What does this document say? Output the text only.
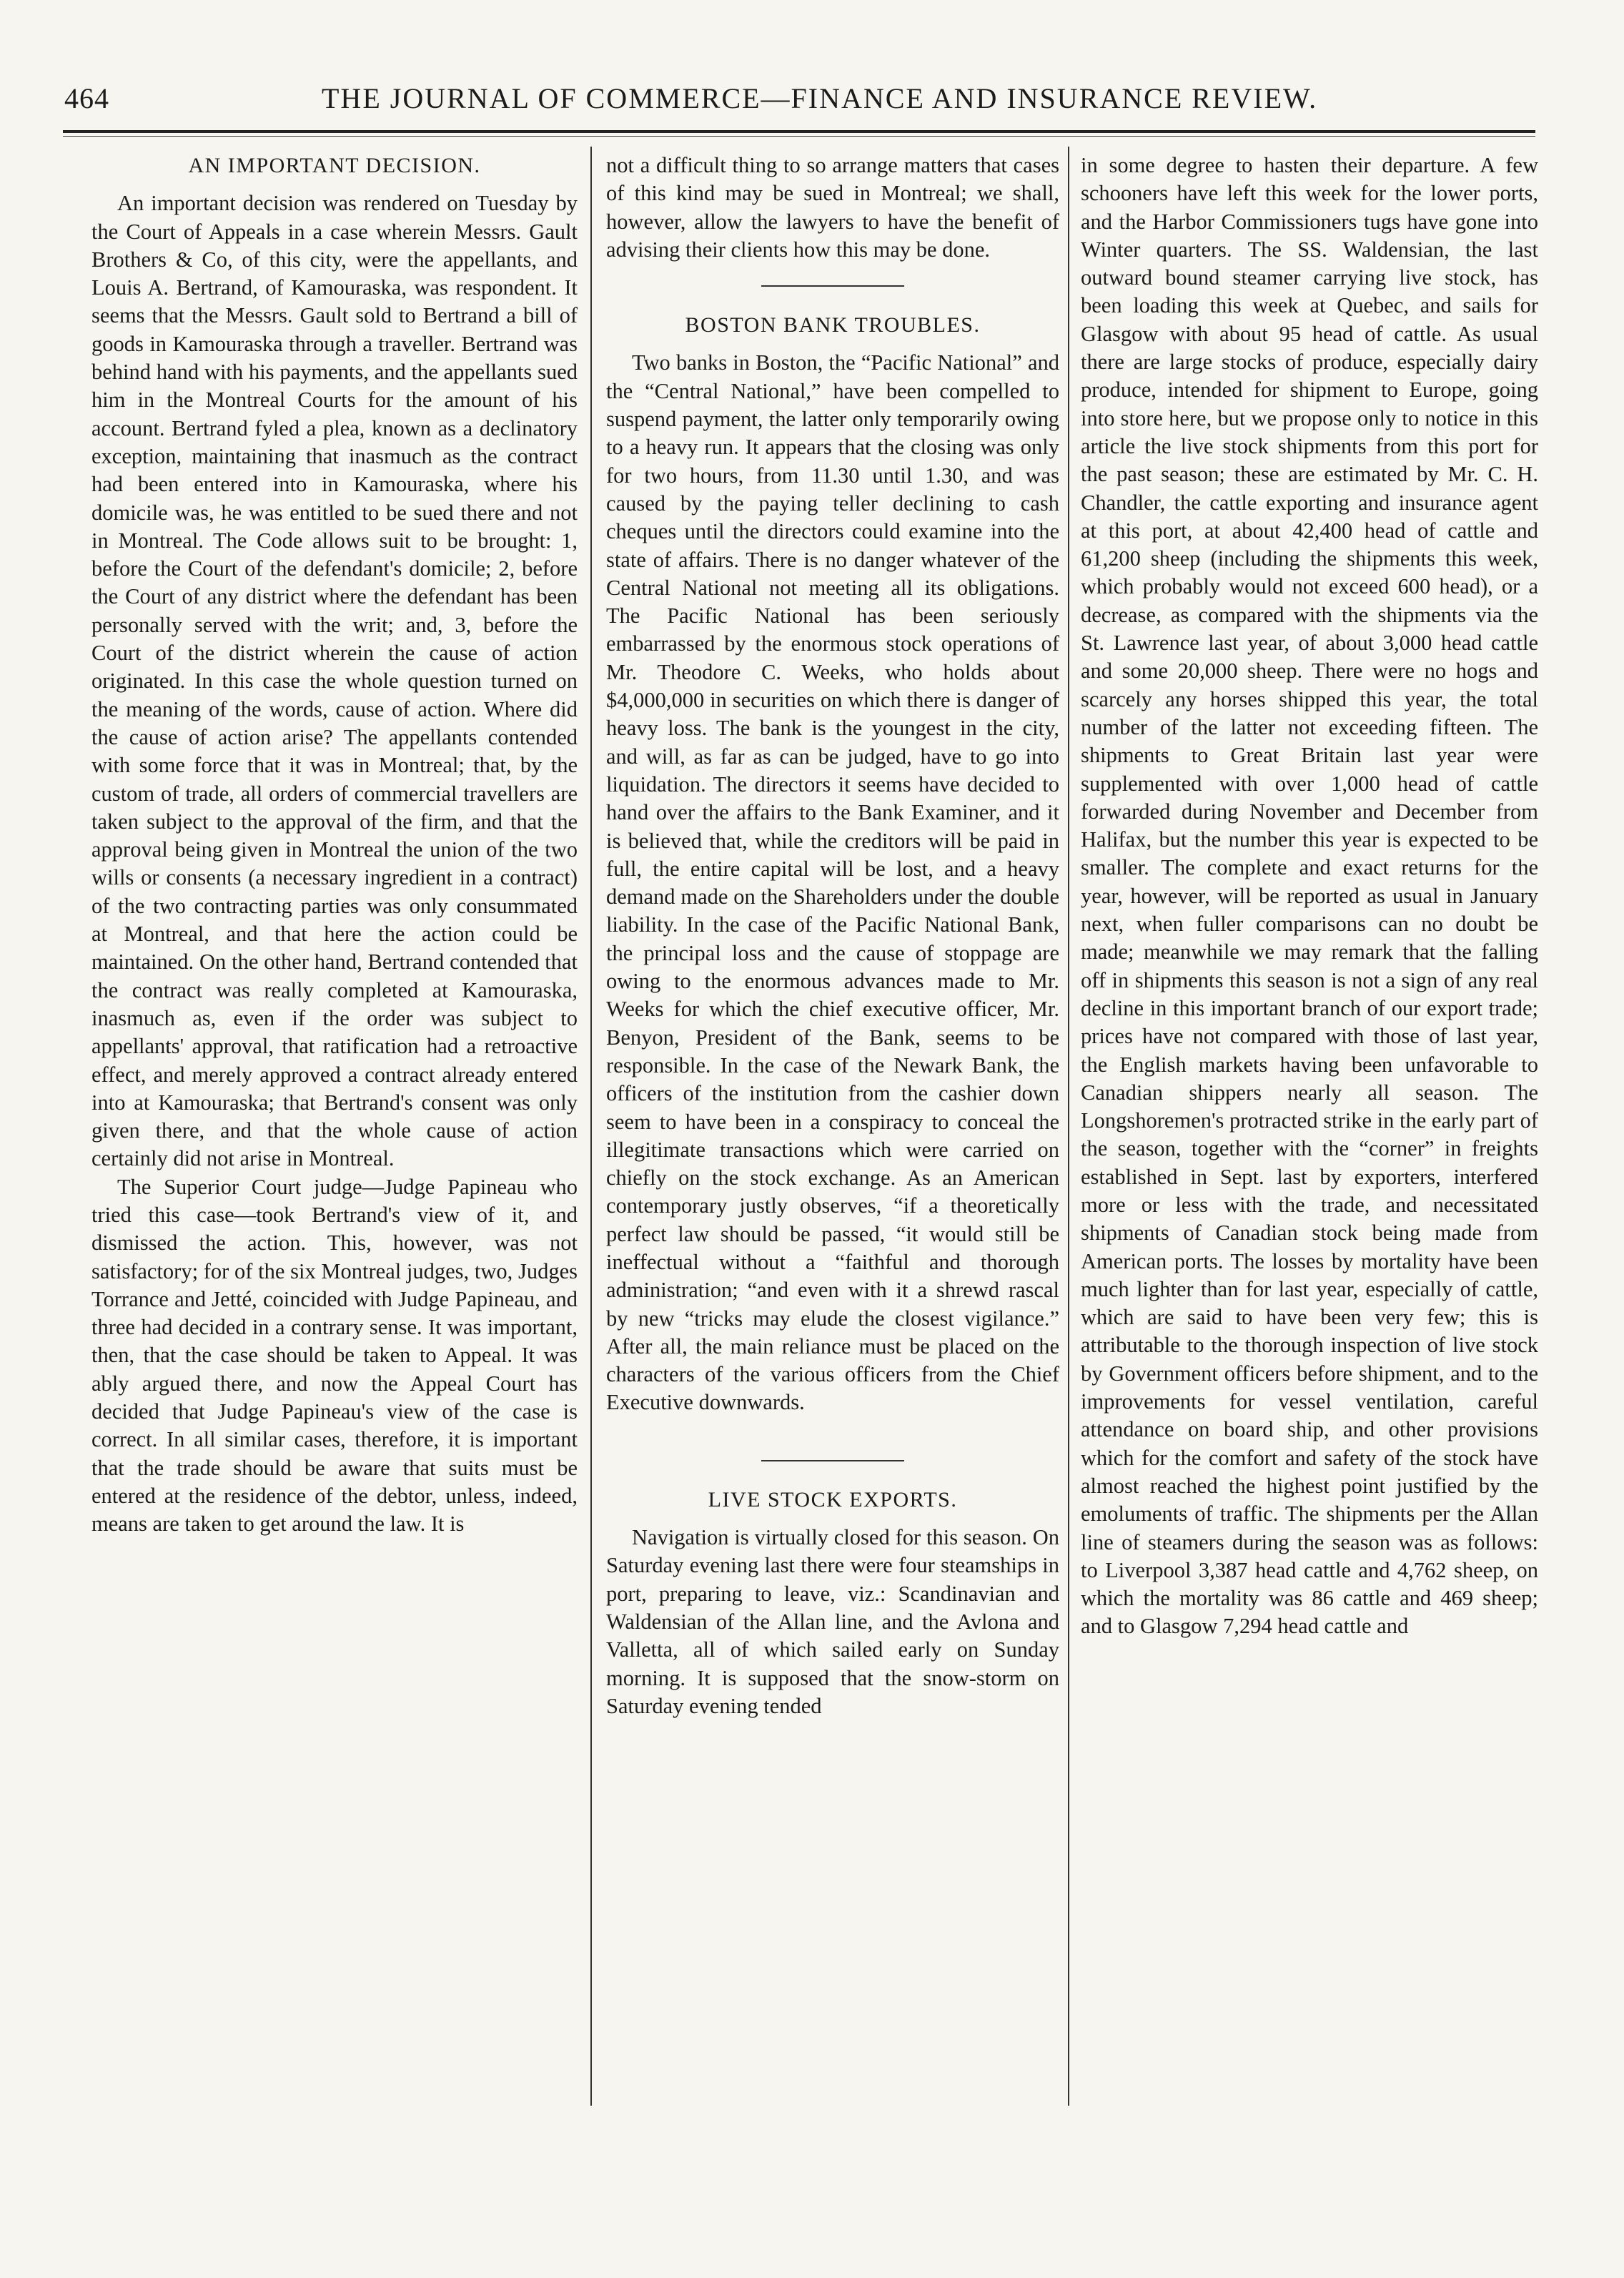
464	THE JOURNAL OF COMMERCE—FINANCE AND INSURANCE REVIEW.
AN IMPORTANT DECISION.

An important decision was rendered on Tuesday by the Court of Appeals in a case wherein Messrs. Gault Brothers & Co, of this city, were the appellants, and Louis A. Bertrand, of Kamouraska, was respondent. It seems that the Messrs. Gault sold to Bertrand a bill of goods in Kamouraska through a traveller. Bertrand was behind hand with his payments, and the appellants sued him in the Montreal Courts for the amount of his account. Bertrand fyled a plea, known as a declinatory exception, maintaining that inasmuch as the contract had been entered into in Kamouraska, where his domicile was, he was entitled to be sued there and not in Montreal. The Code allows suit to be brought: 1, before the Court of the defendant's domicile; 2, before the Court of any district where the defendant has been personally served with the writ; and, 3, before the Court of the district wherein the cause of action originated. In this case the whole question turned on the meaning of the words, cause of action. Where did the cause of action arise? The appellants contended with some force that it was in Montreal; that, by the custom of trade, all orders of commercial travellers are taken subject to the approval of the firm, and that the approval being given in Montreal the union of the two wills or consents (a necessary ingredient in a contract) of the two contracting parties was only consummated at Montreal, and that here the action could be maintained. On the other hand, Bertrand contended that the contract was really completed at Kamouraska, inasmuch as, even if the order was subject to appellants' approval, that ratification had a retroactive effect, and merely approved a contract already entered into at Kamouraska; that Bertrand's consent was only given there, and that the whole cause of action certainly did not arise in Montreal.

The Superior Court judge—Judge Papineau who tried this case—took Bertrand's view of it, and dismissed the action. This, however, was not satisfactory; for of the six Montreal judges, two, Judges Torrance and Jetté, coincided with Judge Papineau, and three had decided in a contrary sense. It was important, then, that the case should be taken to Appeal. It was ably argued there, and now the Appeal Court has decided that Judge Papineau's view of the case is correct. In all similar cases, therefore, it is important that the trade should be aware that suits must be entered at the residence of the debtor, unless, indeed, means are taken to get around the law. It is

not a difficult thing to so arrange matters that cases of this kind may be sued in Montreal; we shall, however, allow the lawyers to have the benefit of advising their clients how this may be done.

BOSTON BANK TROUBLES.

Two banks in Boston, the “Pacific National” and the “Central National,” have been compelled to suspend payment, the latter only temporarily owing to a heavy run. It appears that the closing was only for two hours, from 11.30 until 1.30, and was caused by the paying teller declining to cash cheques until the directors could examine into the state of affairs. There is no danger whatever of the Central National not meeting all its obligations. The Pacific National has been seriously embarrassed by the enormous stock operations of Mr. Theodore C. Weeks, who holds about $4,000,000 in securities on which there is danger of heavy loss. The bank is the youngest in the city, and will, as far as can be judged, have to go into liquidation. The directors it seems have decided to hand over the affairs to the Bank Examiner, and it is believed that, while the creditors will be paid in full, the entire capital will be lost, and a heavy demand made on the Shareholders under the double liability. In the case of the Pacific National Bank, the principal loss and the cause of stoppage are owing to the enormous advances made to Mr. Weeks for which the chief executive officer, Mr. Benyon, President of the Bank, seems to be responsible. In the case of the Newark Bank, the officers of the institution from the cashier down seem to have been in a conspiracy to conceal the illegitimate transactions which were carried on chiefly on the stock exchange. As an American contemporary justly observes, “if a theoretically perfect law should be passed, “it would still be ineffectual without a “faithful and thorough administration; “and even with it a shrewd rascal by new “tricks may elude the closest vigilance.” After all, the main reliance must be placed on the characters of the various officers from the Chief Executive downwards.

LIVE STOCK EXPORTS.

Navigation is virtually closed for this season. On Saturday evening last there were four steamships in port, preparing to leave, viz.: Scandinavian and Waldensian of the Allan line, and the Avlona and Valletta, all of which sailed early on Sunday morning. It is supposed that the snow-storm on Saturday evening tended

in some degree to hasten their departure. A few schooners have left this week for the lower ports, and the Harbor Commissioners tugs have gone into Winter quarters. The SS. Waldensian, the last outward bound steamer carrying live stock, has been loading this week at Quebec, and sails for Glasgow with about 95 head of cattle. As usual there are large stocks of produce, especially dairy produce, intended for shipment to Europe, going into store here, but we propose only to notice in this article the live stock shipments from this port for the past season; these are estimated by Mr. C. H. Chandler, the cattle exporting and insurance agent at this port, at about 42,400 head of cattle and 61,200 sheep (including the shipments this week, which probably would not exceed 600 head), or a decrease, as compared with the shipments via the St. Lawrence last year, of about 3,000 head cattle and some 20,000 sheep. There were no hogs and scarcely any horses shipped this year, the total number of the latter not exceeding fifteen. The shipments to Great Britain last year were supplemented with over 1,000 head of cattle forwarded during November and December from Halifax, but the number this year is expected to be smaller. The complete and exact returns for the year, however, will be reported as usual in January next, when fuller comparisons can no doubt be made; meanwhile we may remark that the falling off in shipments this season is not a sign of any real decline in this important branch of our export trade; prices have not compared with those of last year, the English markets having been unfavorable to Canadian shippers nearly all season. The Longshoremen's protracted strike in the early part of the season, together with the “corner” in freights established in Sept. last by exporters, interfered more or less with the trade, and necessitated shipments of Canadian stock being made from American ports. The losses by mortality have been much lighter than for last year, especially of cattle, which are said to have been very few; this is attributable to the thorough inspection of live stock by Government officers before shipment, and to the improvements for vessel ventilation, careful attendance on board ship, and other provisions which for the comfort and safety of the stock have almost reached the highest point justified by the emoluments of traffic. The shipments per the Allan line of steamers during the season was as follows: to Liverpool 3,387 head cattle and 4,762 sheep, on which the mortality was 86 cattle and 469 sheep; and to Glasgow 7,294 head cattle and
